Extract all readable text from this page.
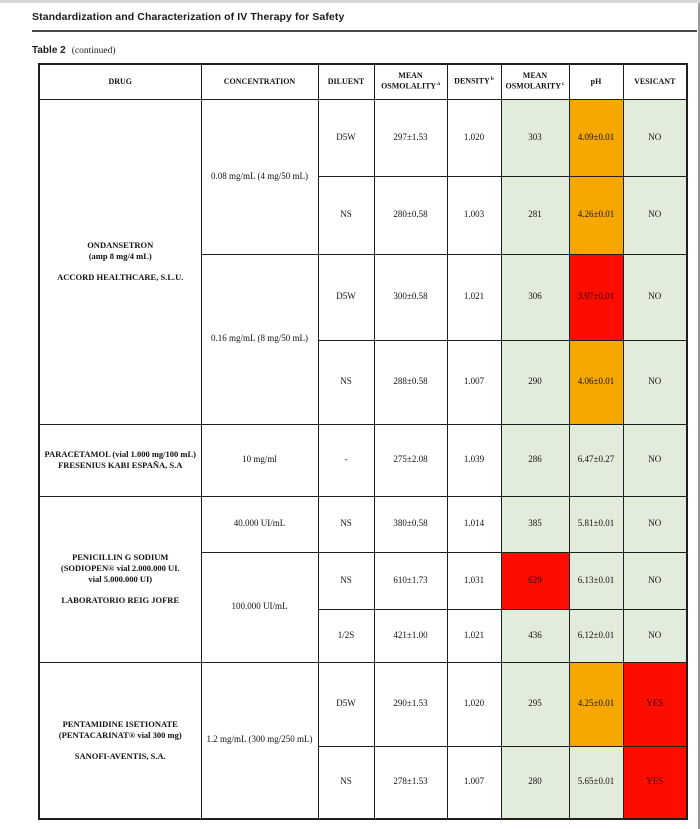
Standardization and Characterization of IV Therapy for Safety
Table 2 (continued)
DRUG	CONCENTRATION	DILUENT	MEAN OSMOLALITY$^a$	DENSITY$^b$	MEAN OSMOLARITY$^c$	pH	VESICANT

ONDANSETRON
(amp 8 mg/4 mL)

ACCORD HEALTHCARE, S.L.U.	0.08 mg/mL (4 mg/50 mL)	D5W	297±1.53	1.020	303	4.09±0.01	NO
		NS	280±0.58	1.003	281	4.26±0.01	NO
	0.16 mg/mL (8 mg/50 mL)	D5W	300±0.58	1.021	306	3.97±0.01	NO
		NS	288±0.58	1.007	290	4.06±0.01	NO

PARACETAMOL (vial 1.000 mg/100 mL) FRESENIUS KABI ESPAÑA, S.A	10 mg/ml	-	275±2.08	1.039	286	6.47±0.27	NO

PENICILLIN G SODIUM
(SODIOPEN® vial 2.000.000 UI.
vial 5.000.000 UI)

LABORATORIO REIG JOFRE	40.000 UI/mL	NS	380±0.58	1.014	385	5.81±0.01	NO
	100.000 UI/mL	NS	610±1.73	1.031	629	6.13±0.01	NO
		1/2S	421±1.00	1.021	436	6.12±0.01	NO

PENTAMIDINE ISETIONATE
(PENTACARINAT® vial 300 mg)

SANOFI-AVENTIS, S.A.	1.2 mg/mL (300 mg/250 mL)	D5W	290±1.53	1.020	295	4.25±0.01	YES
		NS	278±1.53	1.007	280	5.65±0.01	YES
